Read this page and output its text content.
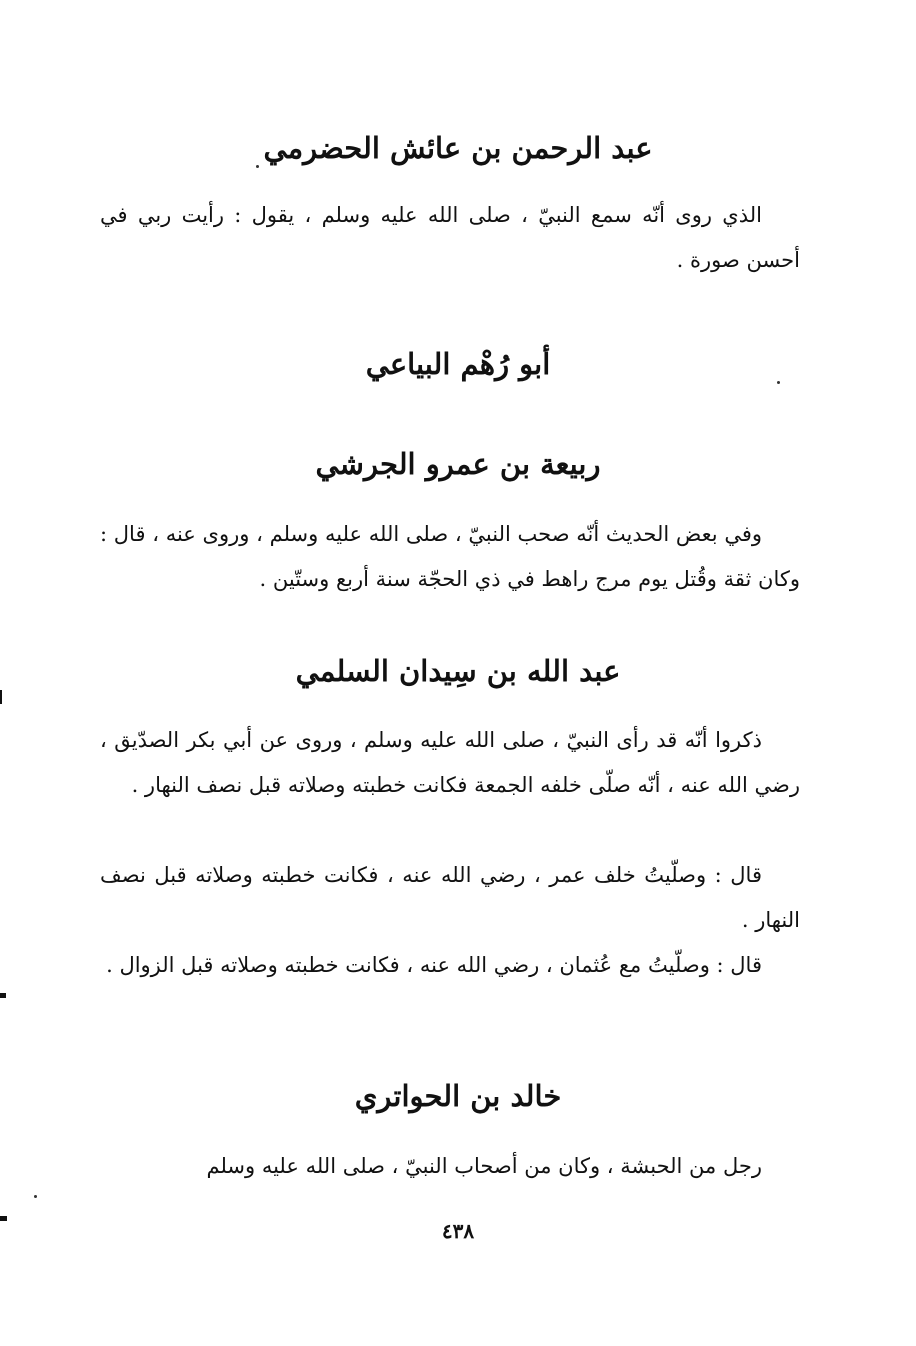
عبد الرحمن بن عائش الحضرمي
الذي روى أنّه سمع النبيّ ، صلى الله عليه وسلم ، يقول : رأيت ربي في أحسن صورة .
أبو رُهْم البياعي
ربيعة بن عمرو الجرشي
وفي بعض الحديث أنّه صحب النبيّ ، صلى الله عليه وسلم ، وروى عنه ، قال : وكان ثقة وقُتل يوم مرج راهط في ذي الحجّة سنة أربع وستّين .
عبد الله بن سِيدان السلمي
ذكروا أنّه قد رأى النبيّ ، صلى الله عليه وسلم ، وروى عن أبي بكر الصدّيق ، رضي الله عنه ، أنّه صلّى خلفه الجمعة فكانت خطبته وصلاته قبل نصف النهار .
قال : وصلّيتُ خلف عمر ، رضي الله عنه ، فكانت خطبته وصلاته قبل نصف النهار .
قال : وصلّيتُ مع عُثمان ، رضي الله عنه ، فكانت خطبته وصلاته قبل الزوال .
خالد بن الحواتري
رجل من الحبشة ، وكان من أصحاب النبيّ ، صلى الله عليه وسلم
٤٣٨
